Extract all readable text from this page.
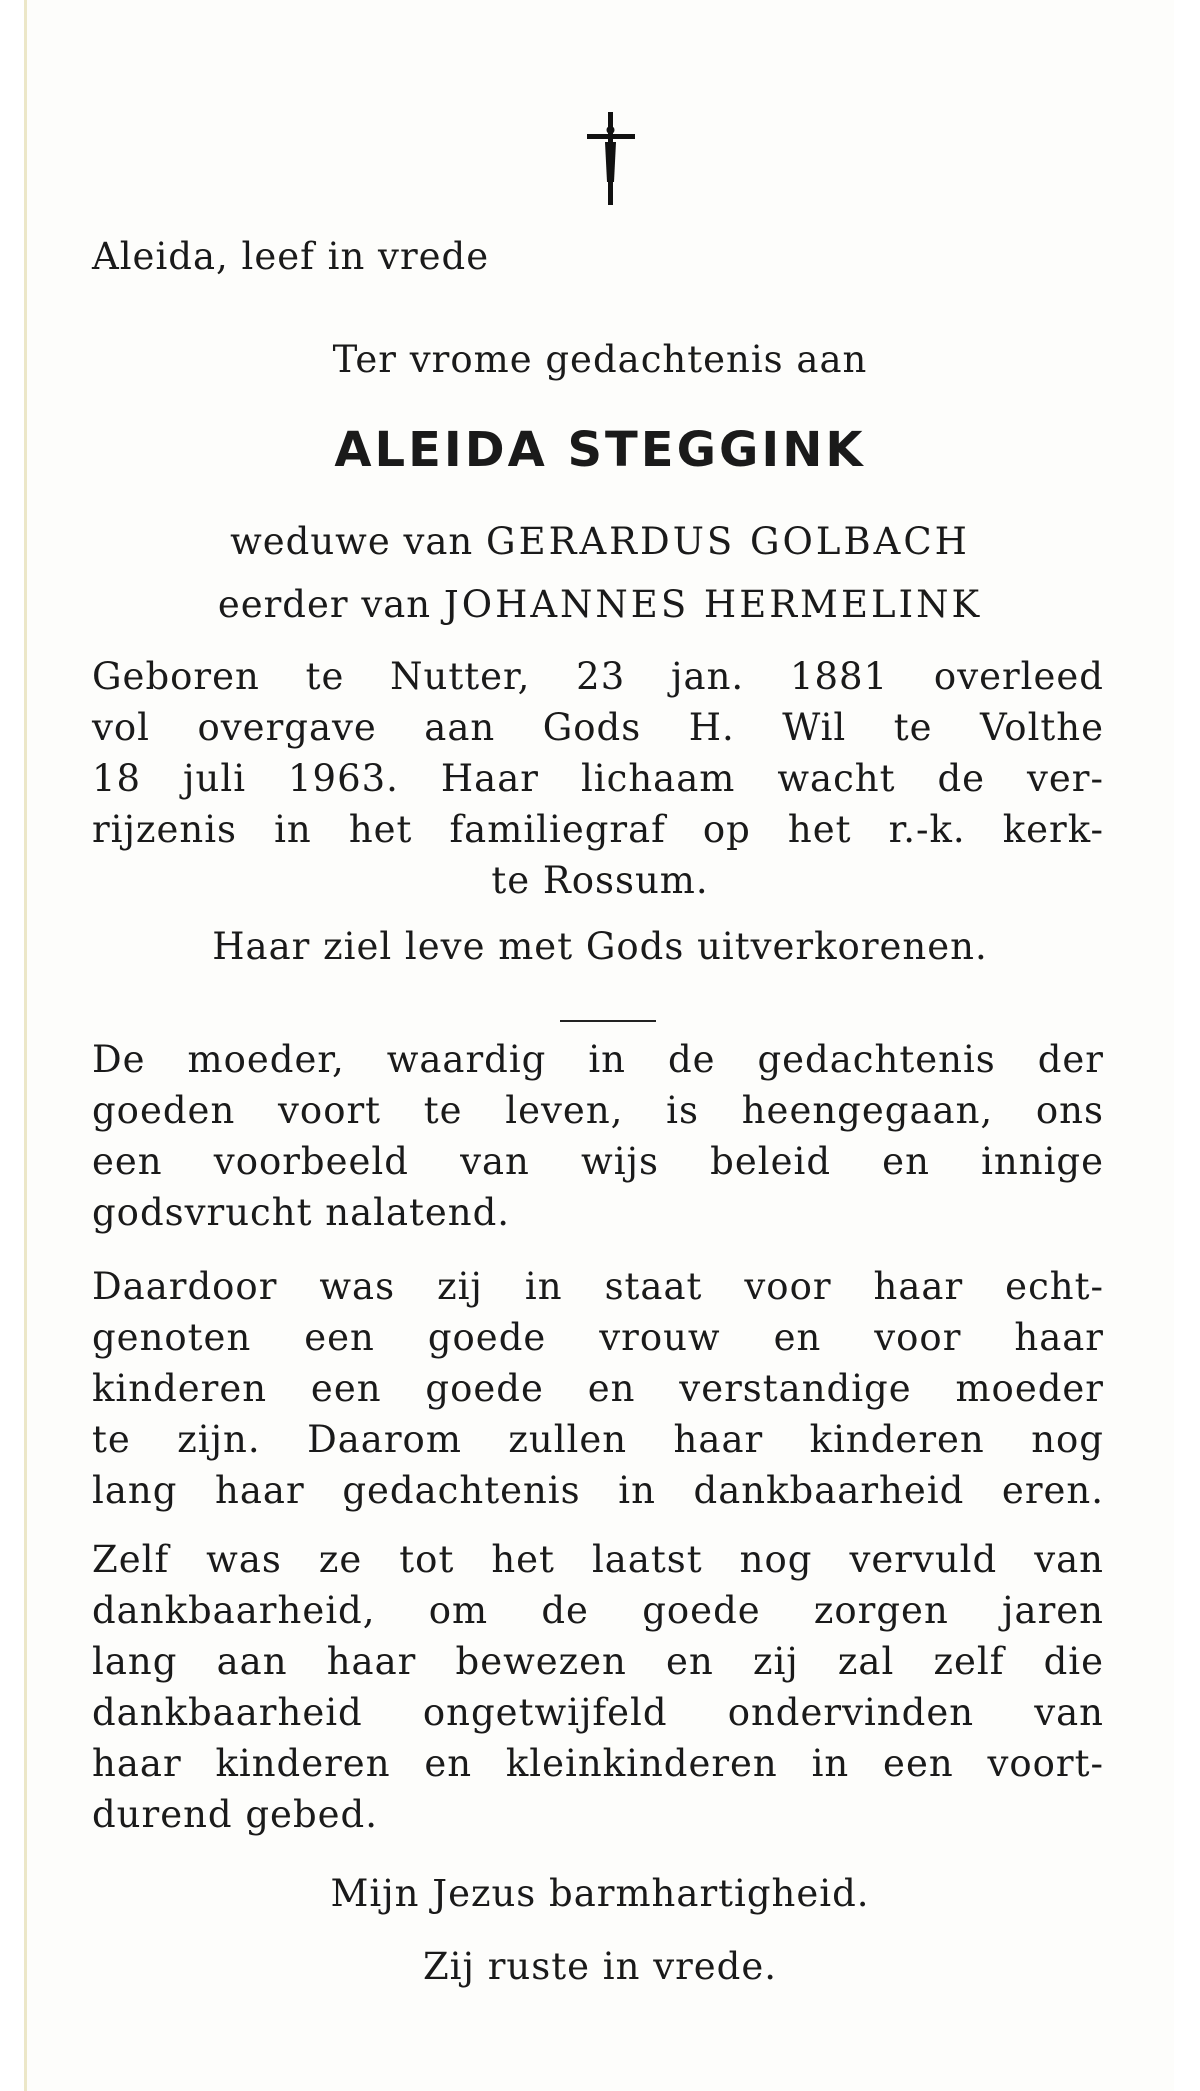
Aleida, leef in vrede
Ter vrome gedachtenis aan
ALEIDA STEGGINK
weduwe van GERARDUS GOLBACH
eerder van JOHANNES HERMELINK
Geboren te Nutter, 23 jan. 1881 overleed
vol overgave aan Gods H. Wil te Volthe
18 juli 1963. Haar lichaam wacht de ver-
rijzenis in het familiegraf op het r.-k. kerk-
te Rossum.
Haar ziel leve met Gods uitverkorenen.
De moeder, waardig in de gedachtenis der
goeden voort te leven, is heengegaan, ons
een voorbeeld van wijs beleid en innige
godsvrucht nalatend.
Daardoor was zij in staat voor haar echt-
genoten een goede vrouw en voor haar
kinderen een goede en verstandige moeder
te zijn. Daarom zullen haar kinderen nog
lang haar gedachtenis in dankbaarheid eren.
Zelf was ze tot het laatst nog vervuld van
dankbaarheid, om de goede zorgen jaren
lang aan haar bewezen en zij zal zelf die
dankbaarheid ongetwijfeld ondervinden van
haar kinderen en kleinkinderen in een voort-
durend gebed.
Mijn Jezus barmhartigheid.
Zij ruste in vrede.
